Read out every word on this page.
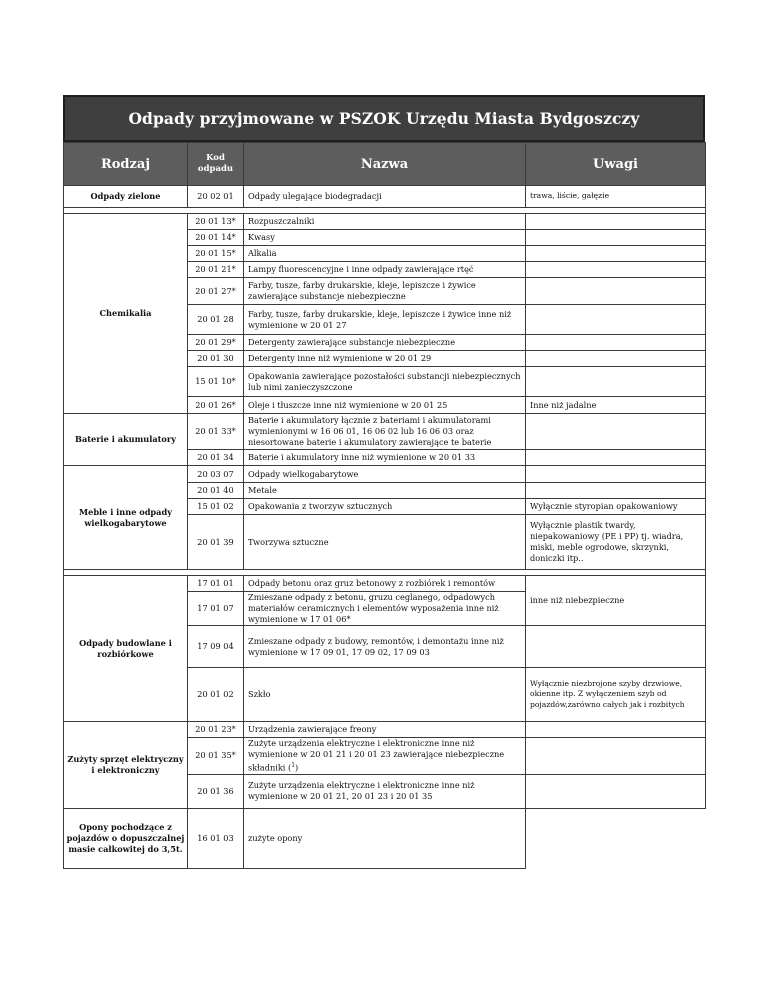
Odpady przyjmowane w PSZOK Urzędu Miasta Bydgoszczy
Rodzaj	Kod odpadu	Nazwa	Uwagi
Odpady zielone	20 02 01	Odpady ulegające biodegradacji	trawa, liście, gałęzie

Chemikalia	20 01 13*	Rozpuszczalniki	
	20 01 14*	Kwasy	
	20 01 15*	Alkalia	
	20 01 21*	Lampy fluorescencyjne i inne odpady zawierające rtęć	
	20 01 27*	Farby, tusze, farby drukarskie, kleje, lepiszcze i żywice zawierające substancje niebezpieczne	
	20 01 28	Farby, tusze, farby drukarskie, kleje, lepiszcze i żywice inne niż wymienione w 20 01 27	
	20 01 29*	Detergenty zawierające substancje niebezpieczne	
	20 01 30	Detergenty inne niż wymienione w 20 01 29	
	15 01 10*	Opakowania zawierające pozostałości substancji niebezpiecznych lub nimi zanieczyszczone	
	20 01 26*	Oleje i tłuszcze inne niż wymienione w 20 01 25	Inne niż jadalne
Baterie i akumulatory	20 01 33*	Baterie i akumulatory łącznie z bateriami i akumulatorami wymienionymi w 16 06 01, 16 06 02 lub 16 06 03 oraz niesortowane baterie i akumulatory zawierające te baterie	
	20 01 34	Baterie i akumulatory inne niż wymienione w 20 01 33	
Meble i inne odpady wielkogabarytowe	20 03 07	Odpady wielkogabarytowe	
	20 01 40	Metale	
	15 01 02	Opakowania z tworzyw sztucznych	Wyłącznie styropian opakowaniowy
	20 01 39	Tworzywa sztuczne	Wyłącznie plastik twardy, niepakowaniowy (PE i PP) tj. wiadra, miski, meble ogrodowe, skrzynki, doniczki itp..

Odpady budowlane i rozbiórkowe	17 01 01	Odpady betonu oraz gruz betonowy z rozbiórek i remontów	inne niż niebezpieczne
	17 01 07	Zmieszane odpady z betonu, gruzu ceglanego, odpadowych materiałów ceramicznych i elementów wyposażenia inne niż wymienione w 17 01 06*	
	17 09 04	Zmieszane odpady z budowy, remontów, i demontażu inne niż wymienione w 17 09 01, 17 09 02, 17 09 03	
	20 01 02	Szkło	Wyłącznie niezbrojone szyby drzwiowe, okienne itp. Z wyłączeniem szyb od pojazdów,zarówno całych jak i rozbitych
Zużyty sprzęt elektryczny i elektroniczny	20 01 23*	Urządzenia zawierające freony	
	20 01 35*	Zużyte urządzenia elektryczne i elektroniczne inne niż wymienione w 20 01 21 i 20 01 23 zawierające niebezpieczne składniki ($^1$)	
	20 01 36	Zużyte urządzenia elektryczne i elektroniczne inne niż wymienione w 20 01 21, 20 01 23 i 20 01 35	
Opony pochodzące z pojazdów o dopuszczalnej masie całkowitej do 3,5t.	16 01 03	zużyte opony	
